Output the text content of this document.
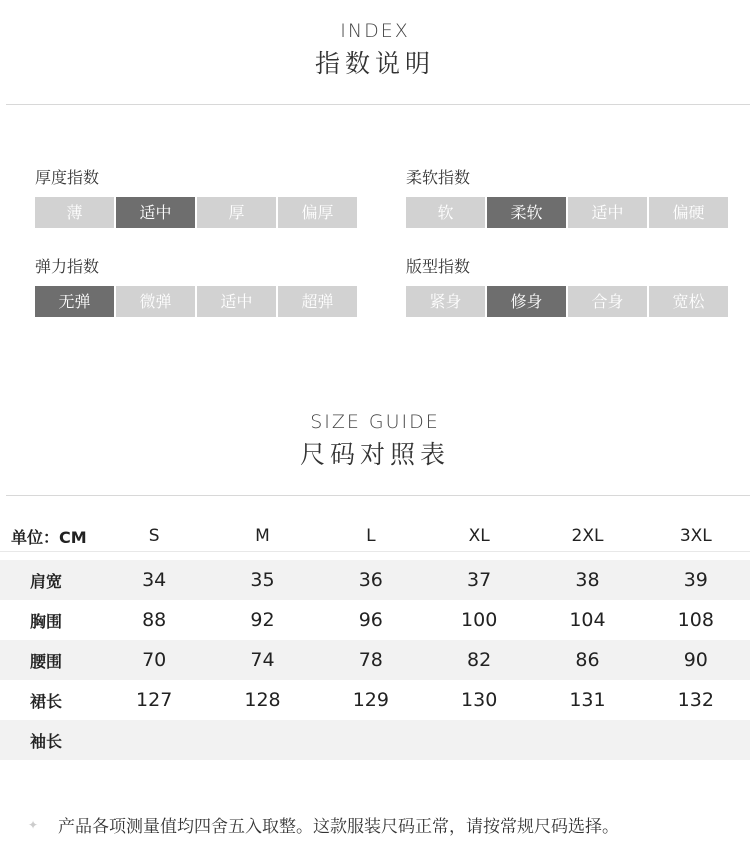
INDEX
指数说明
厚度指数
薄	适中	厚	偏厚
柔软指数
软	柔软	适中	偏硬
弹力指数
无弹	微弹	适中	超弹
版型指数
紧身	修身	合身	宽松
SIZE GUIDE
尺码对照表
单位：CM	S	M	L	XL	2XL	3XL
肩宽	34	35	36	37	38	39
胸围	88	92	96	100	104	108
腰围	70	74	78	82	86	90
裙长	127	128	129	130	131	132
袖长
✦ 产品各项测量值均四舍五入取整。这款服装尺码正常，请按常规尺码选择。
